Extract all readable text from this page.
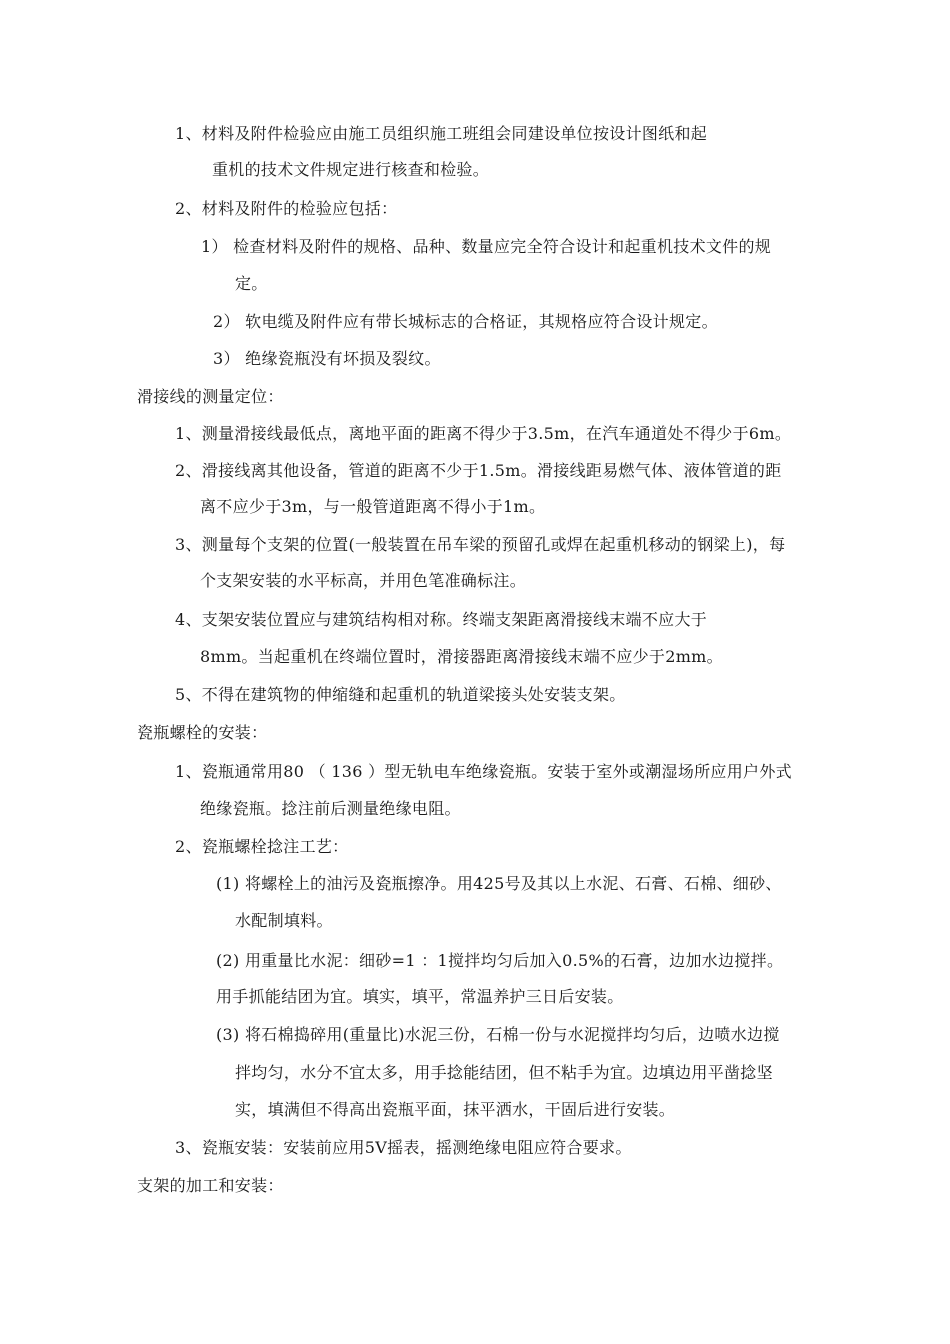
1、材料及附件检验应由施工员组织施工班组会同建设单位按设计图纸和起
重机的技术文件规定进行核查和检验。
2、材料及附件的检验应包括：
1） 检查材料及附件的规格、品种、数量应完全符合设计和起重机技术文件的规
定。
2） 软电缆及附件应有带长城标志的合格证，其规格应符合设计规定。
3） 绝缘瓷瓶没有坏损及裂纹。
滑接线的测量定位：
1、测量滑接线最低点，离地平面的距离不得少于3.5m，在汽车通道处不得少于6m。
2、滑接线离其他设备，管道的距离不少于1.5m。滑接线距易燃气体、液体管道的距
离不应少于3m，与一般管道距离不得小于1m。
3、测量每个支架的位置(一般装置在吊车梁的预留孔或焊在起重机移动的钢梁上)，每
个支架安装的水平标高，并用色笔准确标注。
4、支架安装位置应与建筑结构相对称。终端支架距离滑接线末端不应大于
8mm。当起重机在终端位置时，滑接器距离滑接线末端不应少于2mm。
5、不得在建筑物的伸缩缝和起重机的轨道梁接头处安装支架。
瓷瓶螺栓的安装：
1、瓷瓶通常用80 （ 136 ）型无轨电车绝缘瓷瓶。安装于室外或潮湿场所应用户外式
绝缘瓷瓶。捻注前后测量绝缘电阻。
2、瓷瓶螺栓捻注工艺：
(1) 将螺栓上的油污及瓷瓶擦净。用425号及其以上水泥、石膏、石棉、细砂、
水配制填料。
(2) 用重量比水泥：细砂=1 ：1搅拌均匀后加入0.5%的石膏，边加水边搅拌。
用手抓能结团为宜。填实，填平，常温养护三日后安装。
(3) 将石棉捣碎用(重量比)水泥三份，石棉一份与水泥搅拌均匀后，边喷水边搅
拌均匀，水分不宜太多，用手捻能结团，但不粘手为宜。边填边用平凿捻坚
实，填满但不得高出瓷瓶平面，抹平洒水，干固后进行安装。
3、瓷瓶安装：安装前应用5V摇表，摇测绝缘电阻应符合要求。
支架的加工和安装：
